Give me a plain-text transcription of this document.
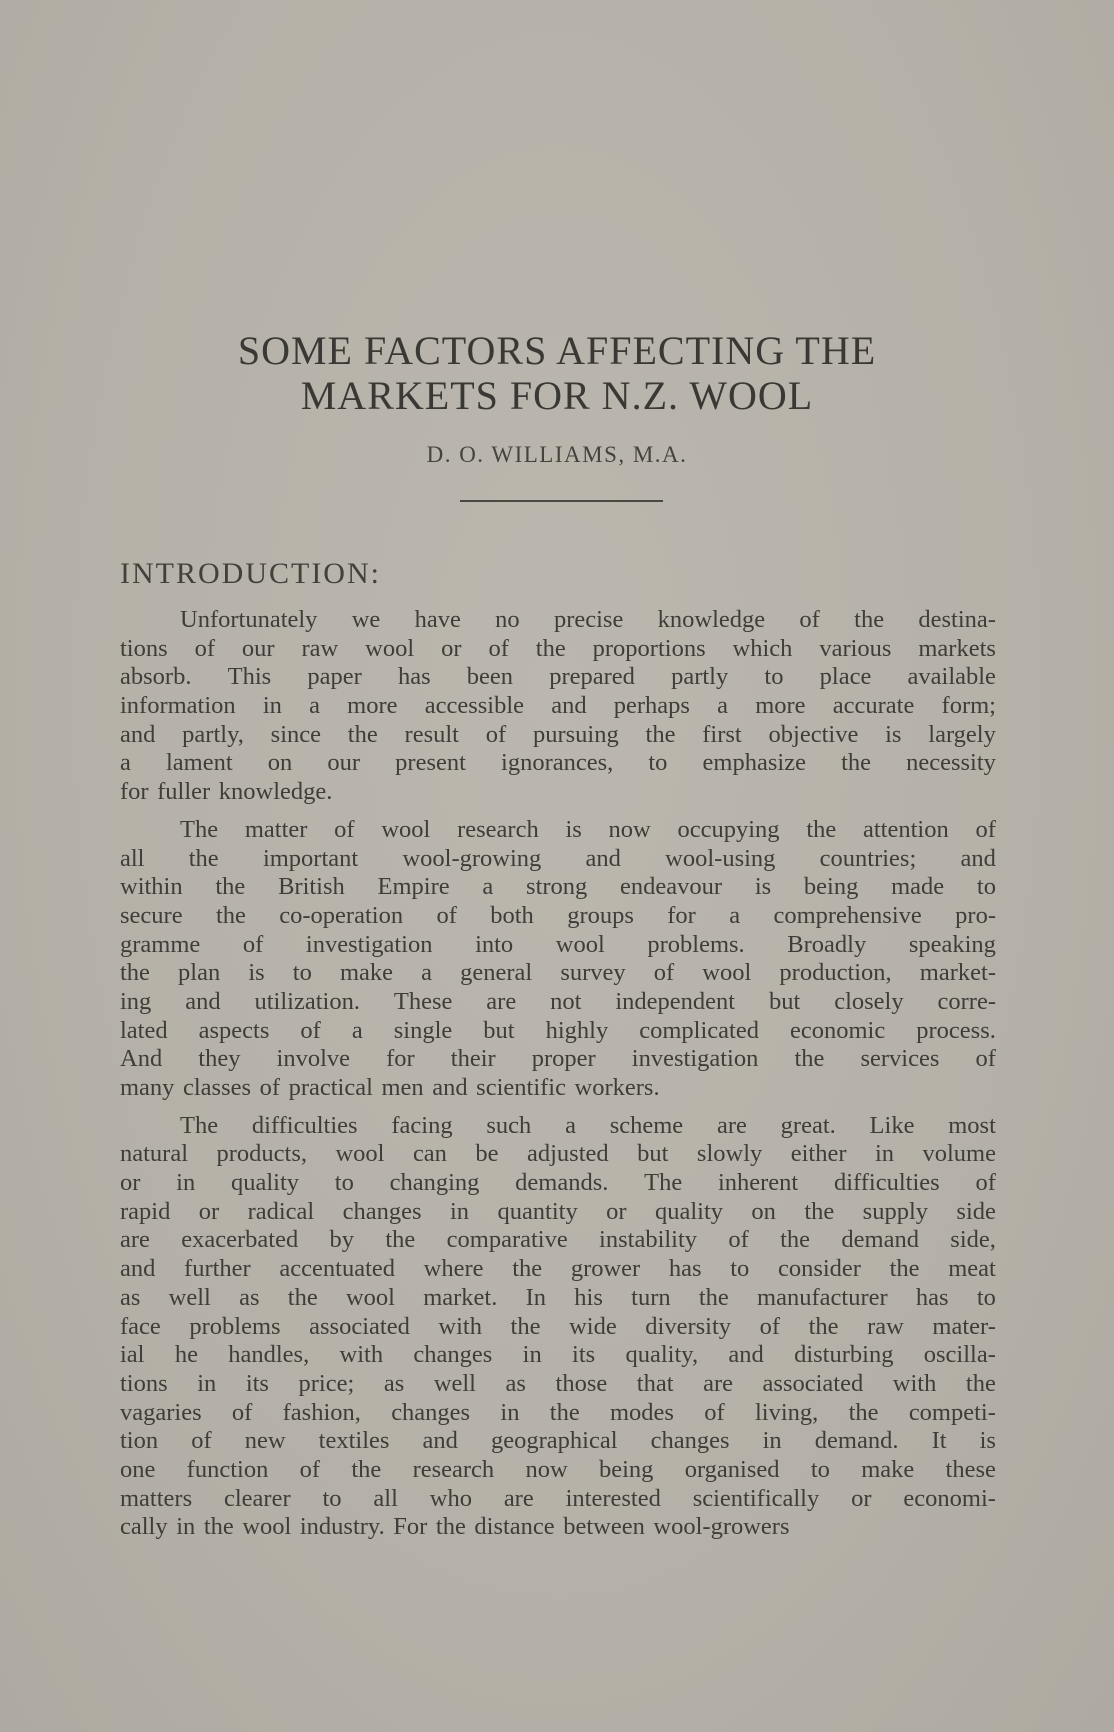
SOME FACTORS AFFECTING THE
MARKETS FOR N.Z. WOOL
D. O. WILLIAMS, M.A.
INTRODUCTION:
Unfortunately we have no precise knowledge of the destina-
tions of our raw wool or of the proportions which various markets
absorb. This paper has been prepared partly to place available
information in a more accessible and perhaps a more accurate form;
and partly, since the result of pursuing the first objective is largely
a lament on our present ignorances, to emphasize the necessity
for fuller knowledge.
The matter of wool research is now occupying the attention of
all the important wool-growing and wool-using countries; and
within the British Empire a strong endeavour is being made to
secure the co-operation of both groups for a comprehensive pro-
gramme of investigation into wool problems. Broadly speaking
the plan is to make a general survey of wool production, market-
ing and utilization. These are not independent but closely corre-
lated aspects of a single but highly complicated economic process.
And they involve for their proper investigation the services of
many classes of practical men and scientific workers.
The difficulties facing such a scheme are great. Like most
natural products, wool can be adjusted but slowly either in volume
or in quality to changing demands. The inherent difficulties of
rapid or radical changes in quantity or quality on the supply side
are exacerbated by the comparative instability of the demand side,
and further accentuated where the grower has to consider the meat
as well as the wool market. In his turn the manufacturer has to
face problems associated with the wide diversity of the raw mater-
ial he handles, with changes in its quality, and disturbing oscilla-
tions in its price; as well as those that are associated with the
vagaries of fashion, changes in the modes of living, the competi-
tion of new textiles and geographical changes in demand. It is
one function of the research now being organised to make these
matters clearer to all who are interested scientifically or economi-
cally in the wool industry. For the distance between wool-growers
